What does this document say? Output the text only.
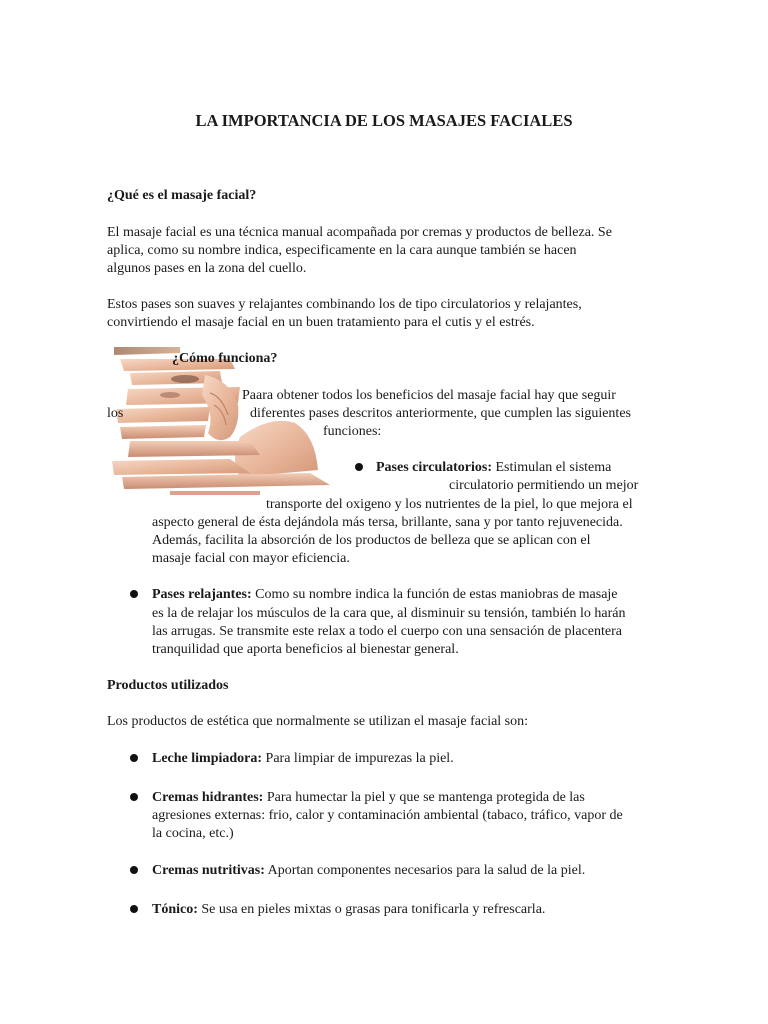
LA IMPORTANCIA DE LOS MASAJES FACIALES
¿Qué es el masaje facial?
El masaje facial es una técnica manual acompañada por cremas y productos de belleza. Se
aplica, como su nombre indica, especificamente en la cara aunque también se hacen
algunos pases en la zona del cuello.
Estos pases son suaves y relajantes combinando los de tipo circulatorios y relajantes,
convirtiendo el masaje facial en un buen tratamiento para el cutis y el estrés.
¿Cómo funciona?
Paara obtener todos los beneficios del masaje facial hay que seguir
los	diferentes pases descritos anteriormente, que cumplen las siguientes
funciones:
Pases circulatorios: Estimulan el sistema
circulatorio permitiendo un mejor
transporte del oxigeno y los nutrientes de la piel, lo que mejora el
aspecto general de ésta dejándola más tersa, brillante, sana y por tanto rejuvenecida.
Además, facilita la absorción de los productos de belleza que se aplican con el
masaje facial con mayor eficiencia.
Pases relajantes: Como su nombre indica la función de estas maniobras de masaje
es la de relajar los músculos de la cara que, al disminuir su tensión, también lo harán
las arrugas. Se transmite este relax a todo el cuerpo con una sensación de placentera
tranquilidad que aporta beneficios al bienestar general.
Productos utilizados
Los productos de estética que normalmente se utilizan el masaje facial son:
Leche limpiadora: Para limpiar de impurezas la piel.
Cremas hidrantes: Para humectar la piel y que se mantenga protegida de las
agresiones externas: frio, calor y contaminación ambiental (tabaco, tráfico, vapor de
la cocina, etc.)
Cremas nutritivas: Aportan componentes necesarios para la salud de la piel.
Tónico: Se usa en pieles mixtas o grasas para tonificarla y refrescarla.
